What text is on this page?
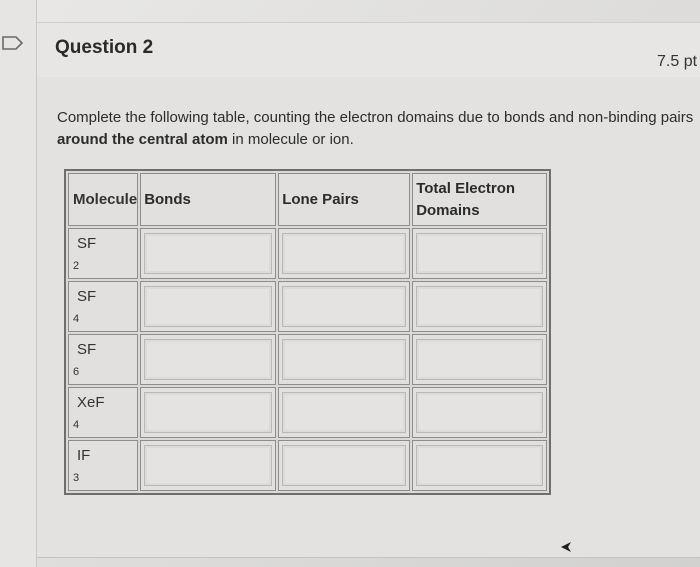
Question 2
7.5 pt
Complete the following table, counting the electron domains due to bonds and non-binding pairs around the central atom in molecule or ion.
Molecule	Bonds	Lone Pairs	Total Electron Domains

SF
$_2$

SF
$_4$

SF
$_6$

XeF
$_4$

IF
$_3$
